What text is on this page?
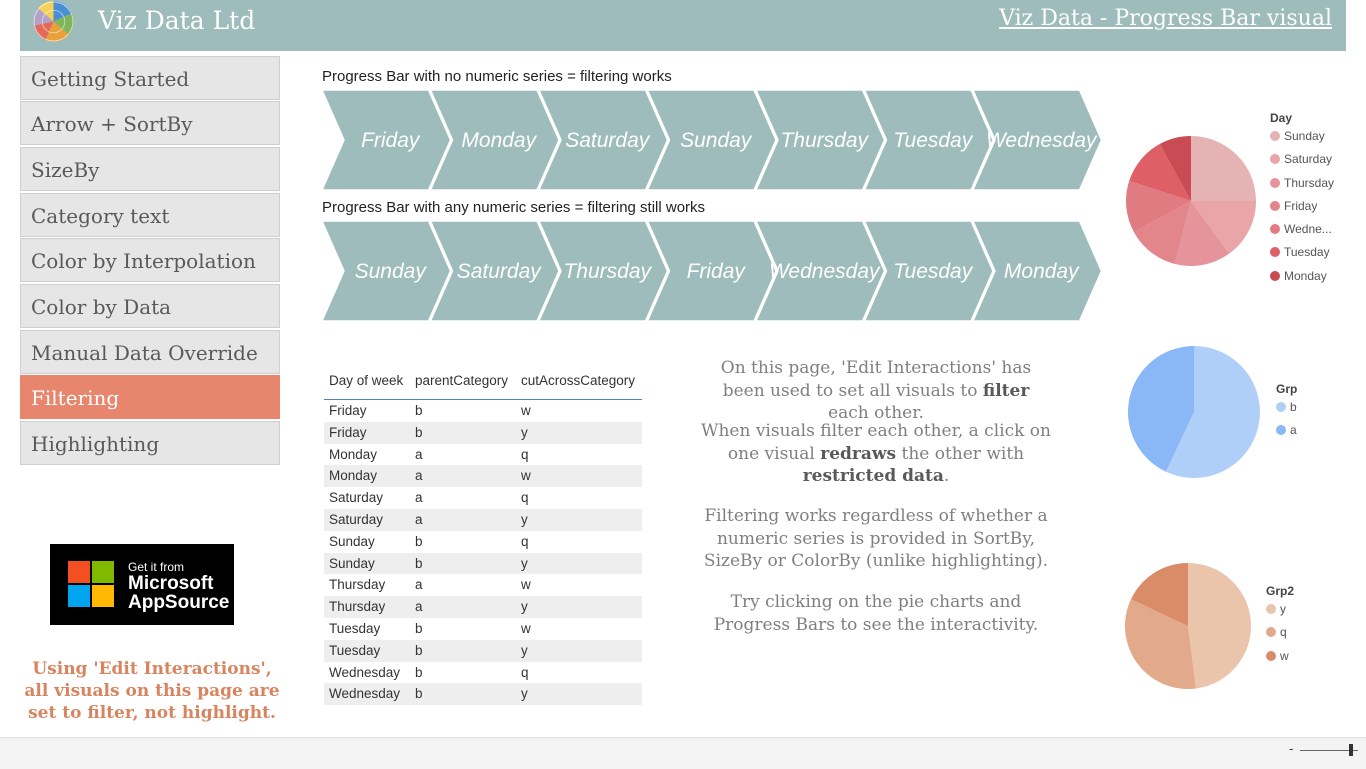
Viz Data Ltd	Viz Data - Progress Bar visual
Getting Started
Arrow + SortBy
SizeBy
Category text
Color by Interpolation
Color by Data
Manual Data Override
Filtering
Highlighting
Get it from
Microsoft
AppSource
Using 'Edit Interactions', all visuals on this page are set to filter, not highlight.
Progress Bar with no numeric series = filtering works
Friday Monday Saturday Sunday Thursday Tuesday Wednesday
Progress Bar with any numeric series = filtering still works
Sunday Saturday Thursday Friday Wednesday Tuesday Monday
Day of week parentCategory cutAcrossCategory
Friday	b	w
Friday	b	y
Monday	a	q
Monday	a	w
Saturday a	q
Saturday a	y
Sunday	b	q
Sunday	b	y
Thursday a	w
Thursday a	y
Tuesday	b	w
Tuesday	b	y
Wednesday b	q
Wednesday b	y
On this page, 'Edit Interactions' has been used to set all visuals to filter each other.
When visuals filter each other, a click on one visual redraws the other with restricted data.
Filtering works regardless of whether a numeric series is provided in SortBy, SizeBy or ColorBy (unlike highlighting).
Try clicking on the pie charts and Progress Bars to see the interactivity.
Day
Sunday
Saturday
Thursday
Friday
Wedne...
Tuesday
Monday
Grp
b
a
Grp2
y
q
w
-
